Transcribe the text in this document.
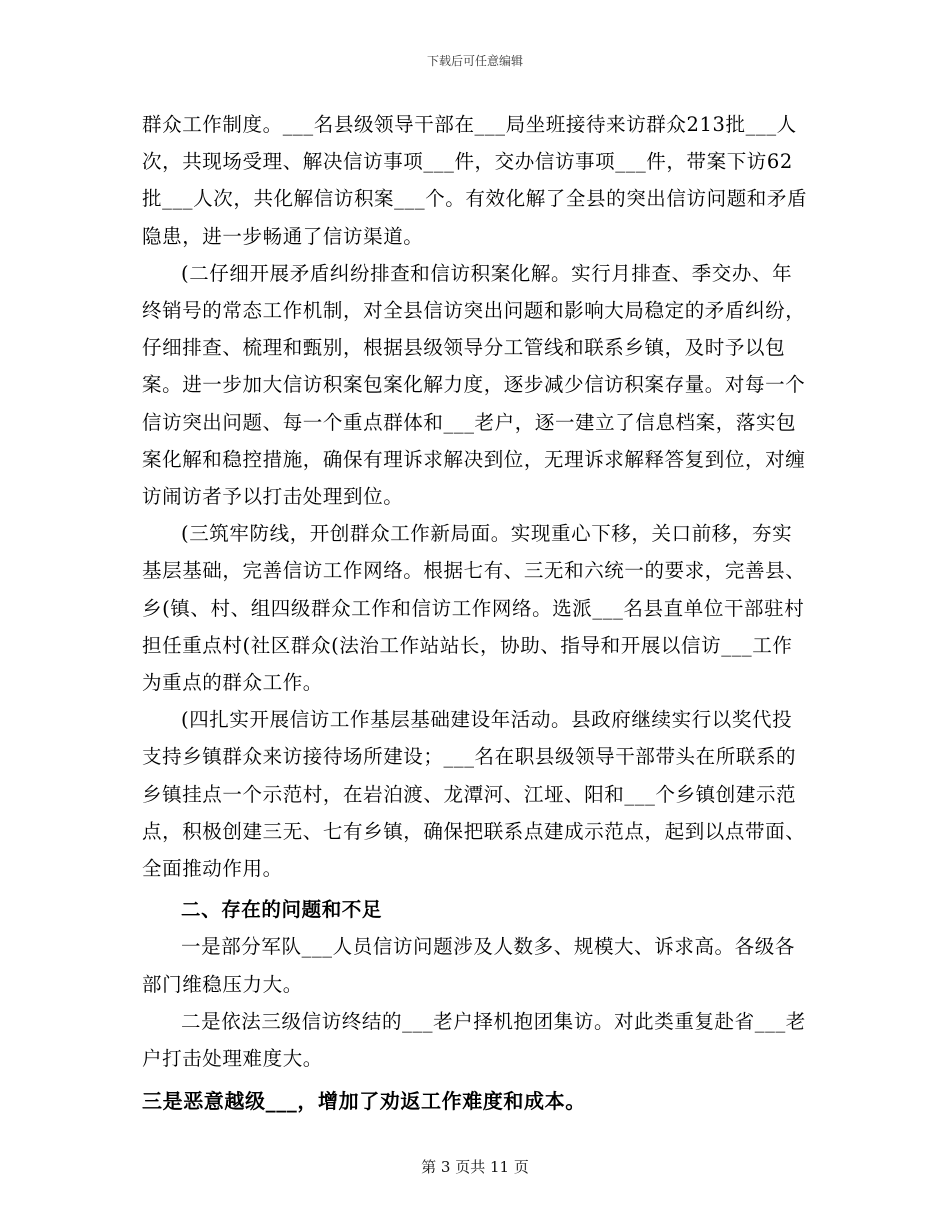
下载后可任意编辑

群众工作制度。___名县级领导干部在___局坐班接待来访群众213批___人次，共现场受理、解决信访事项___件，交办信访事项___件，带案下访62批___人次，共化解信访积案___个。有效化解了全县的突出信访问题和矛盾隐患，进一步畅通了信访渠道。

(二仔细开展矛盾纠纷排查和信访积案化解。实行月排查、季交办、年终销号的常态工作机制，对全县信访突出问题和影响大局稳定的矛盾纠纷，仔细排查、梳理和甄别，根据县级领导分工管线和联系乡镇，及时予以包案。进一步加大信访积案包案化解力度，逐步减少信访积案存量。对每一个信访突出问题、每一个重点群体和___老户，逐一建立了信息档案，落实包案化解和稳控措施，确保有理诉求解决到位，无理诉求解释答复到位，对缠访闹访者予以打击处理到位。

(三筑牢防线，开创群众工作新局面。实现重心下移，关口前移，夯实基层基础，完善信访工作网络。根据七有、三无和六统一的要求，完善县、乡(镇、村、组四级群众工作和信访工作网络。选派___名县直单位干部驻村担任重点村(社区群众(法治工作站站长，协助、指导和开展以信访___工作为重点的群众工作。

(四扎实开展信访工作基层基础建设年活动。县政府继续实行以奖代投支持乡镇群众来访接待场所建设；___名在职县级领导干部带头在所联系的乡镇挂点一个示范村，在岩泊渡、龙潭河、江垭、阳和___个乡镇创建示范点，积极创建三无、七有乡镇，确保把联系点建成示范点，起到以点带面、全面推动作用。

二、存在的问题和不足

一是部分军队___人员信访问题涉及人数多、规模大、诉求高。各级各部门维稳压力大。

二是依法三级信访终结的___老户择机抱团集访。对此类重复赴省___老户打击处理难度大。

三是恶意越级___，增加了劝返工作难度和成本。

第 3 页共 11 页
